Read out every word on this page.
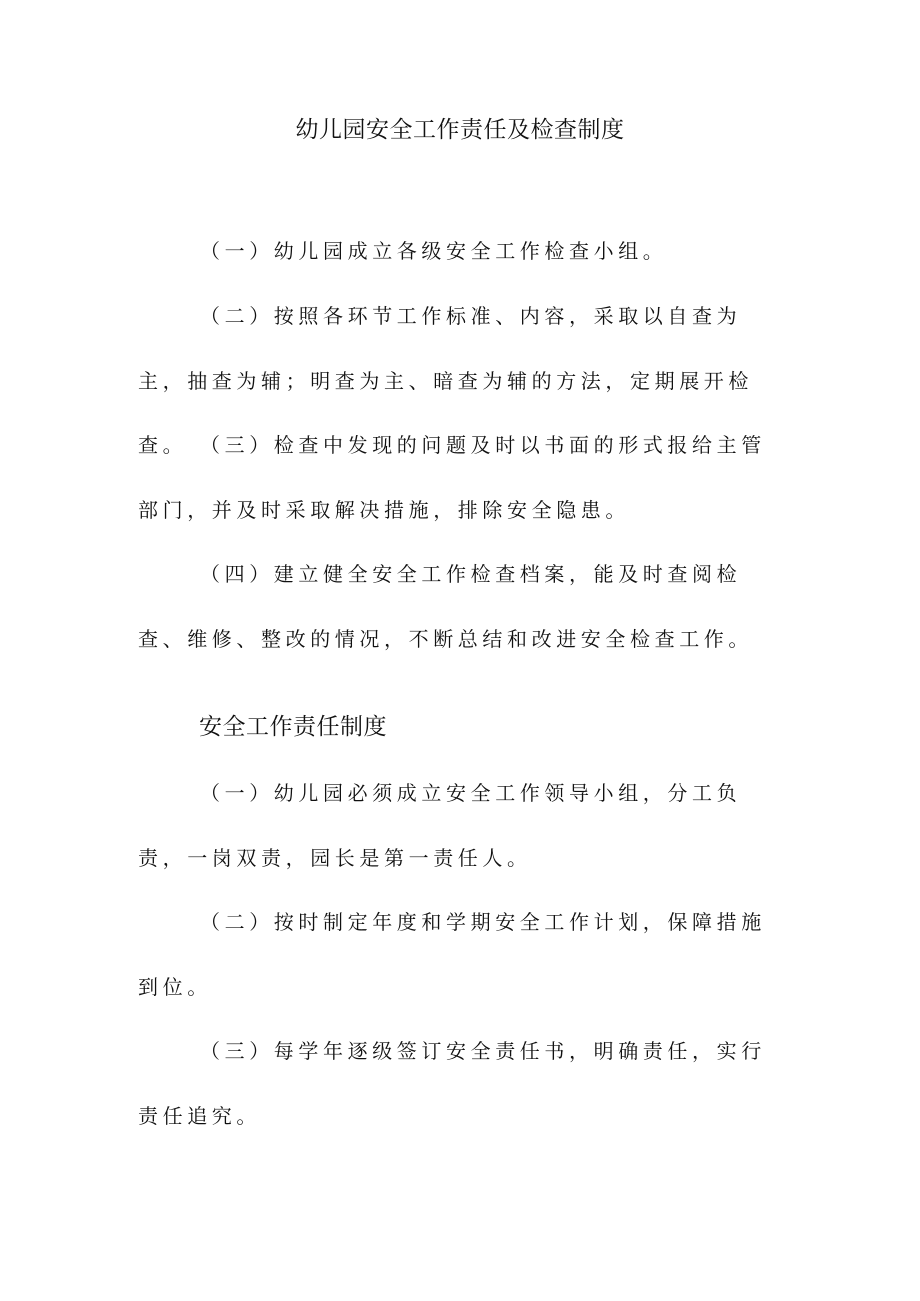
幼儿园安全工作责任及检查制度

（一）幼儿园成立各级安全工作检查小组。

（二）按照各环节工作标准、内容，采取以自查为主，抽查为辅；明查为主、暗查为辅的方法，定期展开检查。 （三）检查中发现的问题及时以书面的形式报给主管部门，并及时采取解决措施，排除安全隐患。

（四）建立健全安全工作检查档案，能及时查阅检查、维修、整改的情况，不断总结和改进安全检查工作。

安全工作责任制度

（一）幼儿园必须成立安全工作领导小组，分工负责，一岗双责，园长是第一责任人。

（二）按时制定年度和学期安全工作计划，保障措施到位。

（三）每学年逐级签订安全责任书，明确责任，实行责任追究。
